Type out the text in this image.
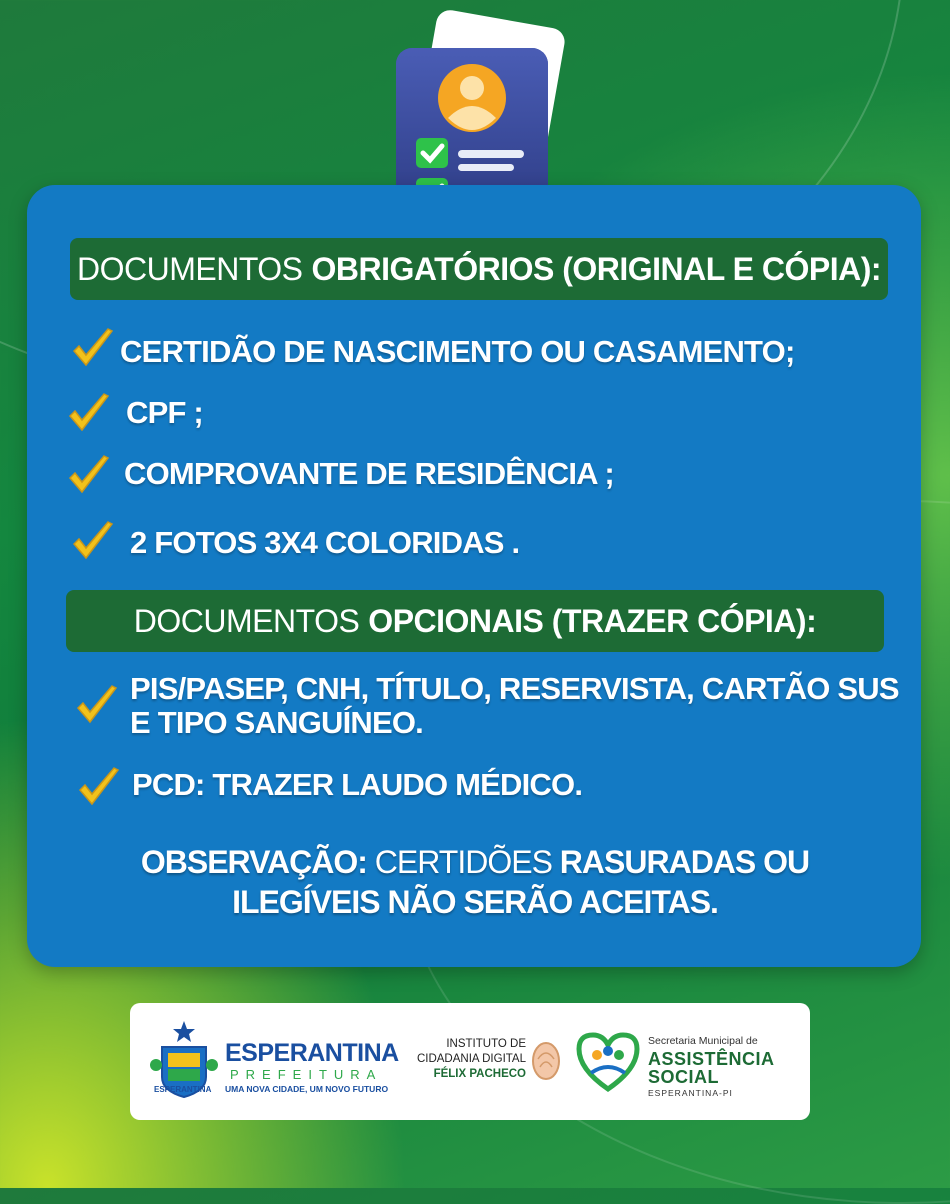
DOCUMENTOS OBRIGATÓRIOS (ORIGINAL E CÓPIA):
CERTIDÃO DE NASCIMENTO OU CASAMENTO;
CPF ;
COMPROVANTE DE RESIDÊNCIA ;
2 FOTOS 3X4 COLORIDAS .
DOCUMENTOS OPCIONAIS (TRAZER CÓPIA):
PIS/PASEP, CNH, TÍTULO, RESERVISTA, CARTÃO SUS
E TIPO SANGUÍNEO.
PCD: TRAZER LAUDO MÉDICO.
OBSERVAÇÃO: CERTIDÕES RASURADAS OU
ILEGÍVEIS NÃO SERÃO ACEITAS.
ESPERANTINA
ESPERANTINA
PREFEITURA
UMA NOVA CIDADE, UM NOVO FUTURO
INSTITUTO DE
CIDADANIA DIGITAL
FÉLIX PACHECO
Secretaria Municipal de
ASSISTÊNCIA
SOCIAL
ESPERANTINA-PI
